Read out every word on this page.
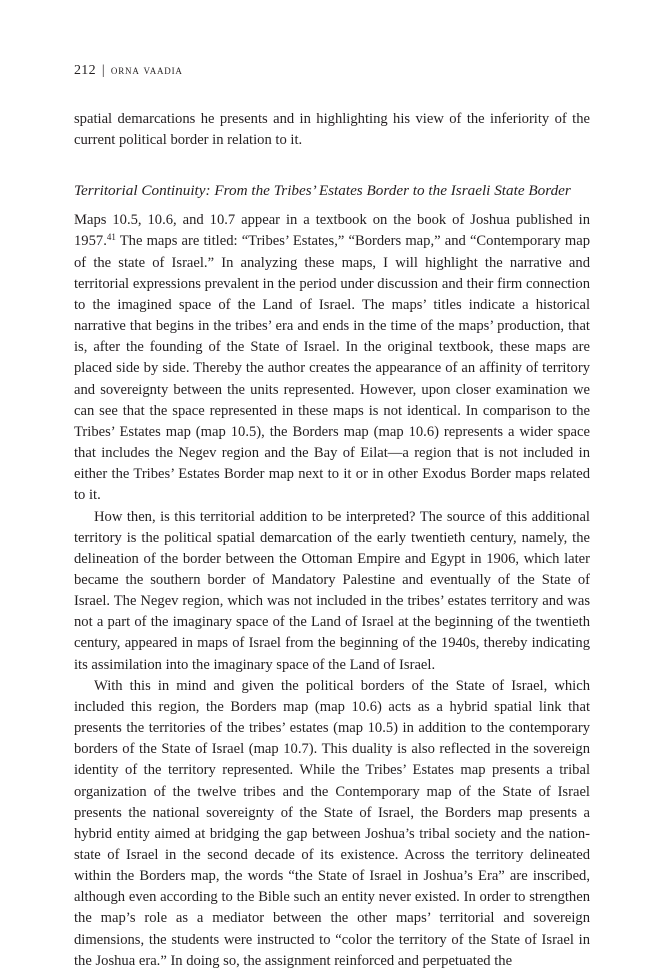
212 | orna vaadia

spatial demarcations he presents and in highlighting his view of the inferiority of the current political border in relation to it.

Territorial Continuity: From the Tribes’ Estates Border to the Israeli State Border

Maps 10.5, 10.6, and 10.7 appear in a textbook on the book of Joshua published in 1957.41 The maps are titled: “Tribes’ Estates,” “Borders map,” and “Contemporary map of the state of Israel.” In analyzing these maps, I will highlight the narrative and territorial expressions prevalent in the period under discussion and their firm connection to the imagined space of the Land of Israel. The maps’ titles indicate a historical narrative that begins in the tribes’ era and ends in the time of the maps’ production, that is, after the founding of the State of Israel. In the original textbook, these maps are placed side by side. Thereby the author creates the appearance of an affinity of territory and sovereignty between the units represented. However, upon closer examination we can see that the space represented in these maps is not identical. In comparison to the Tribes’ Estates map (map 10.5), the Borders map (map 10.6) represents a wider space that includes the Negev region and the Bay of Eilat—a region that is not included in either the Tribes’ Estates Border map next to it or in other Exodus Border maps related to it.

How then, is this territorial addition to be interpreted? The source of this additional territory is the political spatial demarcation of the early twentieth century, namely, the delineation of the border between the Ottoman Empire and Egypt in 1906, which later became the southern border of Mandatory Palestine and eventually of the State of Israel. The Negev region, which was not included in the tribes’ estates territory and was not a part of the imaginary space of the Land of Israel at the beginning of the twentieth century, appeared in maps of Israel from the beginning of the 1940s, thereby indicating its assimilation into the imaginary space of the Land of Israel.

With this in mind and given the political borders of the State of Israel, which included this region, the Borders map (map 10.6) acts as a hybrid spatial link that presents the territories of the tribes’ estates (map 10.5) in addition to the contemporary borders of the State of Israel (map 10.7). This duality is also reflected in the sovereign identity of the territory represented. While the Tribes’ Estates map presents a tribal organization of the twelve tribes and the Contemporary map of the State of Israel presents the national sovereignty of the State of Israel, the Borders map presents a hybrid entity aimed at bridging the gap between Joshua’s tribal society and the nation-state of Israel in the second decade of its existence. Across the territory delineated within the Borders map, the words “the State of Israel in Joshua’s Era” are inscribed, although even according to the Bible such an entity never existed. In order to strengthen the map’s role as a mediator between the other maps’ territorial and sovereign dimensions, the students were instructed to “color the territory of the State of Israel in the Joshua era.” In doing so, the assignment reinforced and perpetuated the
